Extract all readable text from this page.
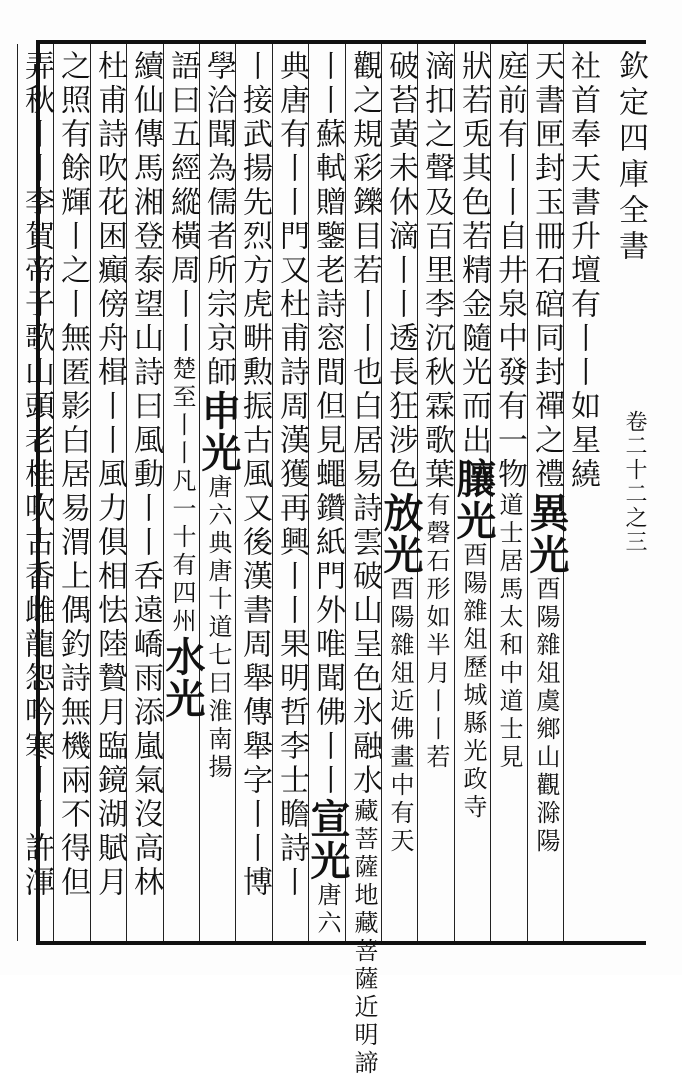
欽定四庫全書
卷二十二之三
社首奉天書升壇有丨丨如星繞
天書匣封玉冊石䃔同封禪之禮異光酉陽雜俎虞鄉山觀滁陽
庭前有丨丨自井泉中發有一物道士居馬太和中道士見
狀若兎其色若精金隨光而出䑋光酉陽雜俎歷城縣光政寺
滴扣之聲及百里李沉秋霖歌葉有磬石形如半月丨丨若
破苔黃未休滴丨丨透長狂涉色放光酉陽雜俎近佛畫中有天
觀之規彩鑠目若丨丨也白居易詩雲破山呈色氷融水藏菩薩地藏菩薩近明諦
丨丨蘇軾贈鑒老詩窓間但見蠅鑽紙門外唯聞佛丨丨宣光唐六
典唐有丨丨門又杜甫詩周漢獲再興丨丨果明哲李士瞻詩丨
丨接武揚先烈方虎畊勲振古風又後漢書周舉傳舉字丨丨博
學洽聞為儒者所宗京師申光唐六典唐十道七曰淮南揚
語曰五經縱橫周丨丨楚至丨丨凡一十有四州水光
續仙傳馬湘登泰望山詩曰風動丨丨呑遠嶠雨添嵐氣沒高林
杜甫詩吹花困癲傍舟楫丨丨風力俱相怯陸贄月臨鏡湖賦月
之照有餘輝丨之丨無匿影白居易渭上偶釣詩無機兩不得但
弄秋丨丨李賀帝子歌山頭老桂吹古香雌龍怨吟寒丨丨許渾
